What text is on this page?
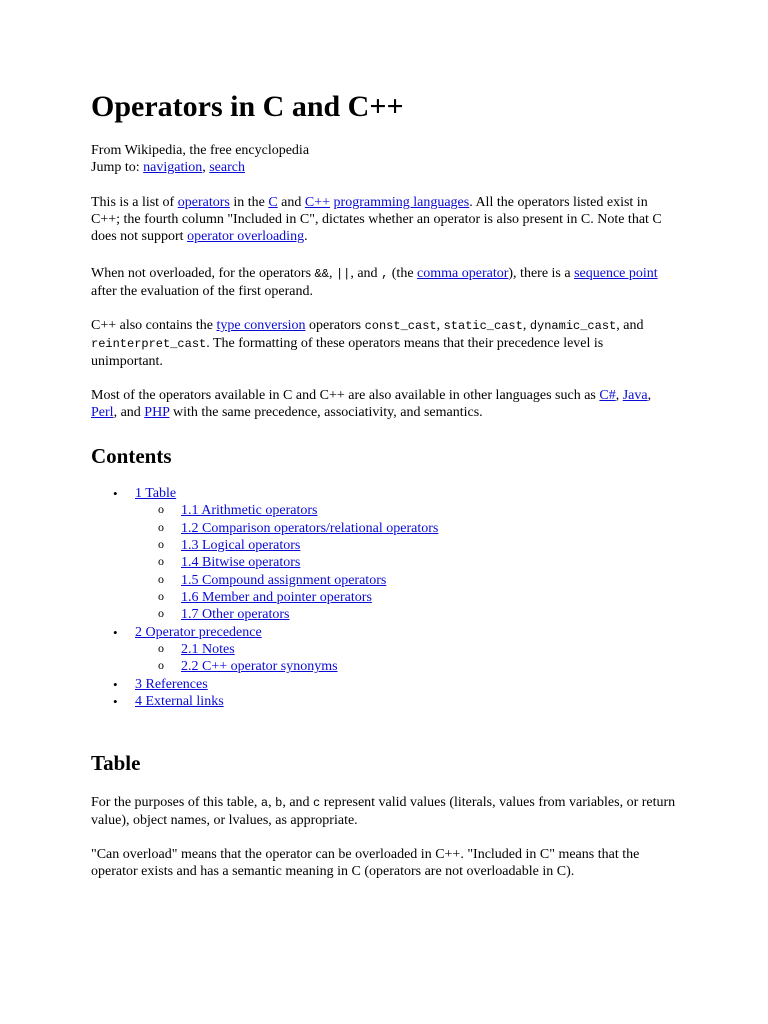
Operators in C and C++

From Wikipedia, the free encyclopedia
Jump to: navigation, search

This is a list of operators in the C and C++ programming languages. All the operators listed exist in C++; the fourth column "Included in C", dictates whether an operator is also present in C. Note that C does not support operator overloading.

When not overloaded, for the operators &&, ||, and , (the comma operator), there is a sequence point after the evaluation of the first operand.

C++ also contains the type conversion operators const_cast, static_cast, dynamic_cast, and reinterpret_cast. The formatting of these operators means that their precedence level is unimportant.

Most of the operators available in C and C++ are also available in other languages such as C#, Java, Perl, and PHP with the same precedence, associativity, and semantics.

Contents
• 1 Table
o 1.1 Arithmetic operators
o 1.2 Comparison operators/relational operators
o 1.3 Logical operators
o 1.4 Bitwise operators
o 1.5 Compound assignment operators
o 1.6 Member and pointer operators
o 1.7 Other operators
• 2 Operator precedence
o 2.1 Notes
o 2.2 C++ operator synonyms
• 3 References
• 4 External links
Table

For the purposes of this table, a, b, and c represent valid values (literals, values from variables, or return value), object names, or lvalues, as appropriate.

"Can overload" means that the operator can be overloaded in C++. "Included in C" means that the operator exists and has a semantic meaning in C (operators are not overloadable in C).
